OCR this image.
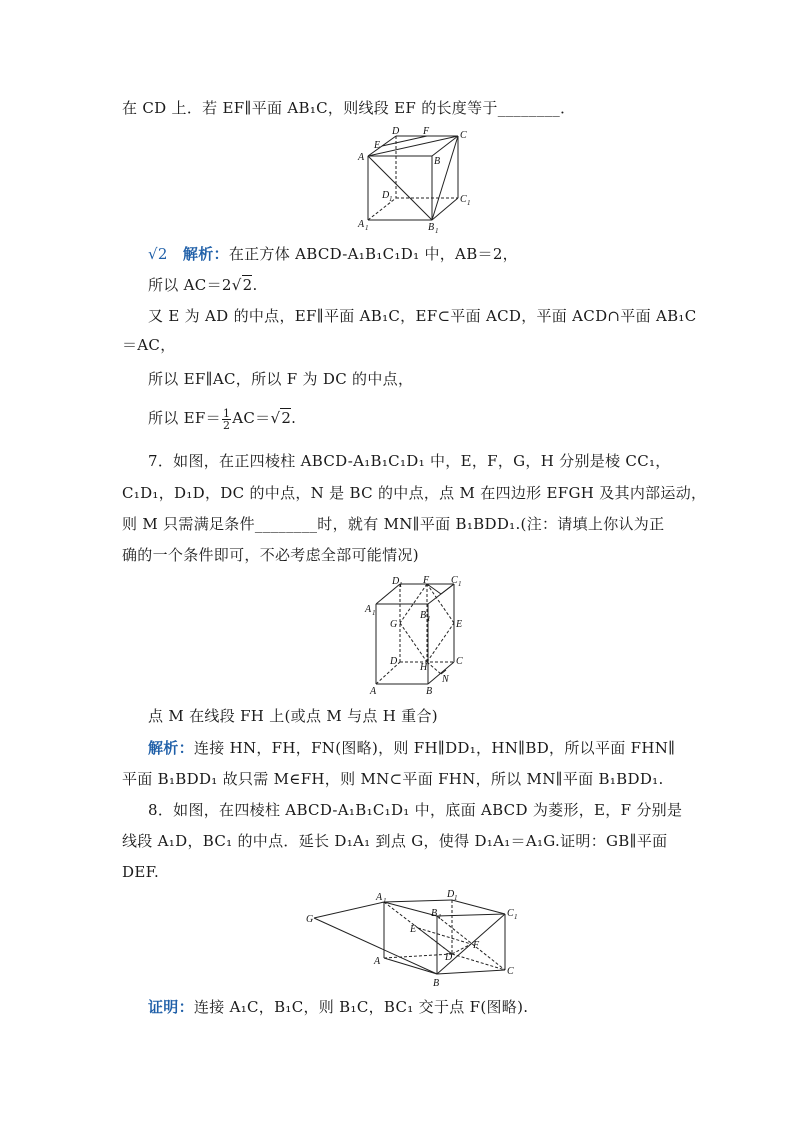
在 CD 上．若 EF∥平面 AB₁C，则线段 EF 的长度等于________．
E
D F	C
A	B
D 1	C 1
A 1	B 1
√2 解析：在正方体 ABCD-A₁B₁C₁D₁ 中，AB＝2，
所以 AC＝2√2.
又 E 为 AD 的中点，EF∥平面 AB₁C，EF⊂平面 ACD，平面 ACD∩平面 AB₁C
＝AC，
所以 EF∥AC，所以 F 为 DC 的中点，
所以 $EF= \frac{1}{2} AC=√2$.
7．如图，在正四棱柱 ABCD-A₁B₁C₁D₁ 中，E，F，G，H 分别是棱 CC₁，
C₁D₁，D₁D，DC 的中点，N 是 BC 的中点，点 M 在四边形 EFGH 及其内部运动，
则 M 只需满足条件________时，就有 MN∥平面 B₁BDD₁.(注：请填上你认为正
确的一个条件即可，不必考虑全部可能情况)
D 1 F C 1
A 1	B 1
G	E
D
H
C
N
A	B
点 M 在线段 FH 上(或点 M 与点 H 重合)
解析：连接 HN，FH，FN(图略)，则 FH∥DD₁，HN∥BD，所以平面 FHN∥
平面 B₁BDD₁ 故只需 M∈FH，则 MN⊂平面 FHN，所以 MN∥平面 B₁BDD₁.
8．如图，在四棱柱 ABCD-A₁B₁C₁D₁ 中，底面 ABCD 为菱形，E，F 分别是
线段 A₁D，BC₁ 的中点．延长 D₁A₁ 到点 G，使得 D₁A₁＝A₁G.证明：GB∥平面
DEF.
G
A 1
D 1
B 1	C 1
E
F
D
A
C
B
证明：连接 A₁C，B₁C，则 B₁C，BC₁ 交于点 F(图略).
